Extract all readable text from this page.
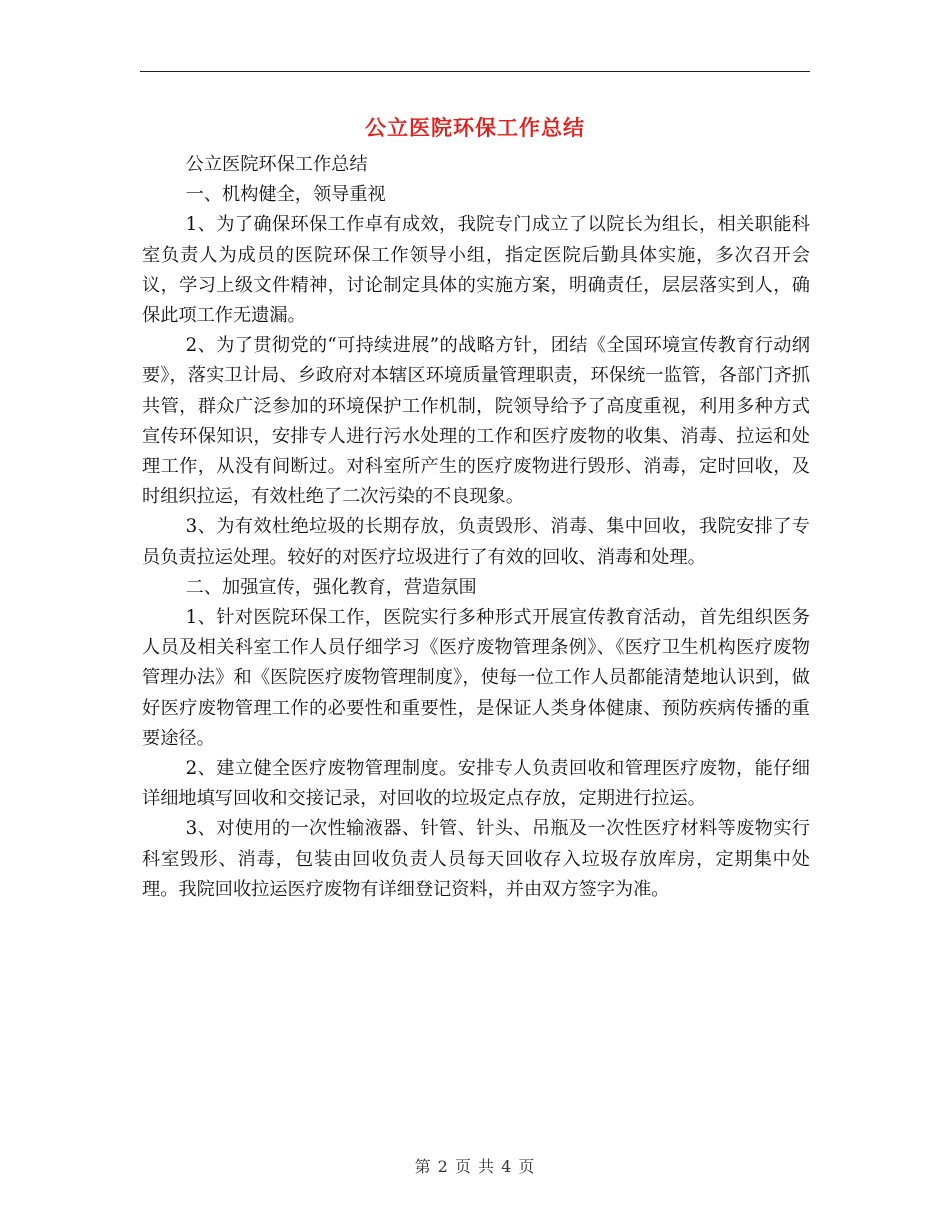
公立医院环保工作总结

公立医院环保工作总结

一、机构健全，领导重视

1、为了确保环保工作卓有成效，我院专门成立了以院长为组长，相关职能科室负责人为成员的医院环保工作领导小组，指定医院后勤具体实施，多次召开会议，学习上级文件精神，讨论制定具体的实施方案，明确责任，层层落实到人，确保此项工作无遗漏。

2、为了贯彻党的“可持续进展”的战略方针，团结《全国环境宣传教育行动纲要》，落实卫计局、乡政府对本辖区环境质量管理职责，环保统一监管，各部门齐抓共管，群众广泛参加的环境保护工作机制，院领导给予了高度重视，利用多种方式宣传环保知识，安排专人进行污水处理的工作和医疗废物的收集、消毒、拉运和处理工作，从没有间断过。对科室所产生的医疗废物进行毁形、消毒，定时回收，及时组织拉运，有效杜绝了二次污染的不良现象。

3、为有效杜绝垃圾的长期存放，负责毁形、消毒、集中回收，我院安排了专员负责拉运处理。较好的对医疗垃圾进行了有效的回收、消毒和处理。

二、加强宣传，强化教育，营造氛围

1、针对医院环保工作，医院实行多种形式开展宣传教育活动，首先组织医务人员及相关科室工作人员仔细学习《医疗废物管理条例》、《医疗卫生机构医疗废物管理办法》和《医院医疗废物管理制度》，使每一位工作人员都能清楚地认识到，做好医疗废物管理工作的必要性和重要性，是保证人类身体健康、预防疾病传播的重要途径。

2、建立健全医疗废物管理制度。安排专人负责回收和管理医疗废物，能仔细详细地填写回收和交接记录，对回收的垃圾定点存放，定期进行拉运。

3、对使用的一次性输液器、针管、针头、吊瓶及一次性医疗材料等废物实行科室毁形、消毒，包装由回收负责人员每天回收存入垃圾存放库房，定期集中处理。我院回收拉运医疗废物有详细登记资料，并由双方签字为准。

第 2 页 共 4 页
